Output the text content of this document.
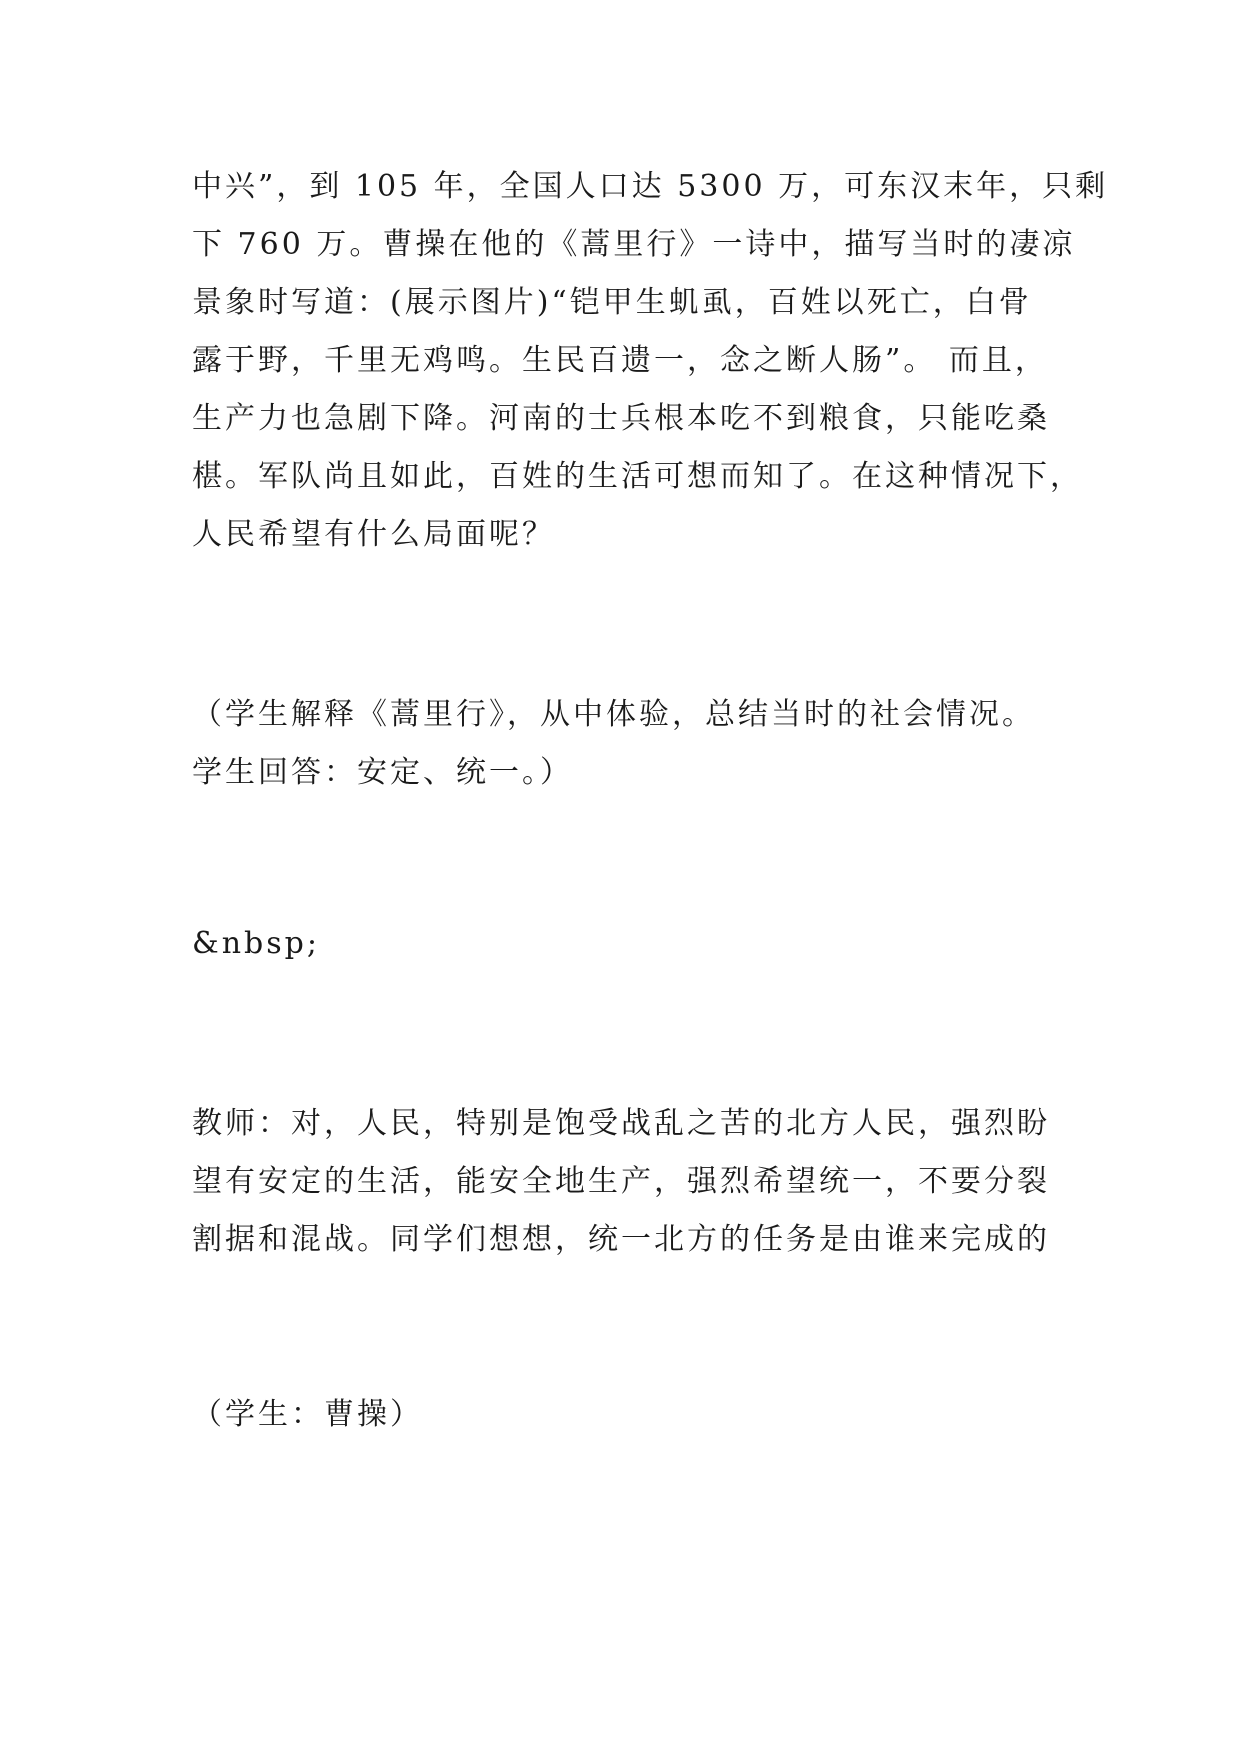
中兴”，到 105 年，全国人口达 5300 万，可东汉末年，只剩
下 760 万。曹操在他的《蒿里行》一诗中，描写当时的凄凉
景象时写道：(展示图片)“铠甲生虮虱，百姓以死亡，白骨
露于野，千里无鸡鸣。生民百遗一，念之断人肠”。 而且，
生产力也急剧下降。河南的士兵根本吃不到粮食，只能吃桑
椹。军队尚且如此，百姓的生活可想而知了。在这种情况下，
人民希望有什么局面呢？
（学生解释《蒿里行》，从中体验，总结当时的社会情况。
学生回答：安定、统一。）
&nbsp;
教师：对，人民，特别是饱受战乱之苦的北方人民，强烈盼
望有安定的生活，能安全地生产，强烈希望统一，不要分裂
割据和混战。同学们想想，统一北方的任务是由谁来完成的
（学生：曹操）
